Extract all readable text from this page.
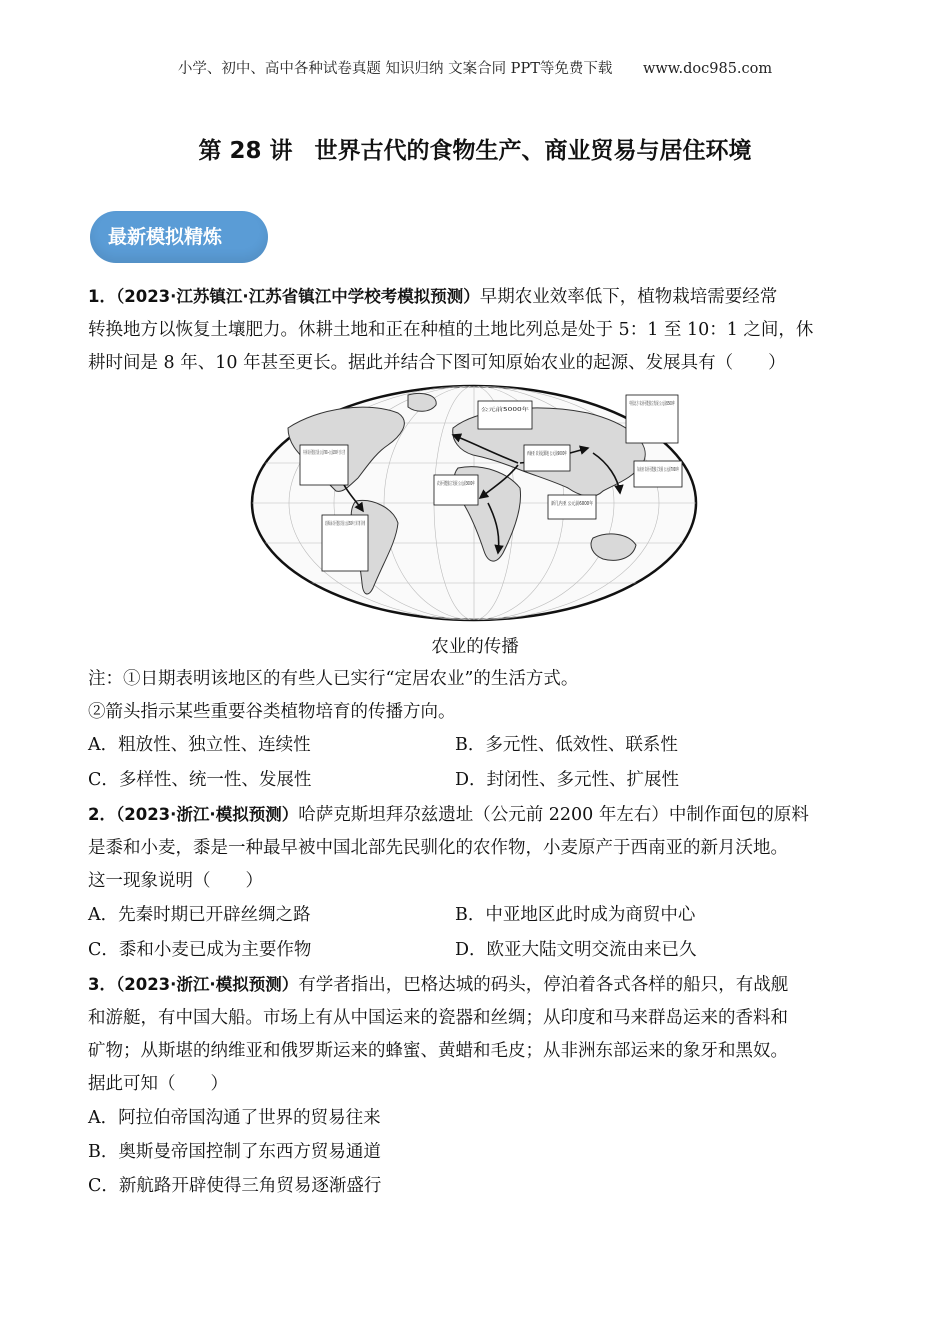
小学、初中、高中各种试卷真题 知识归纳 文案合同 PPT等免费下载 www.doc985.com
第 28 讲 世界古代的食物生产、商业贸易与居住环境
最新模拟精炼
1．（2023·江苏镇江·江苏省镇江中学校考模拟预测）早期农业效率低下，植物栽培需要经常
转换地方以恢复土壤肥力。休耕土地和正在种植的土地比列总是处于 5：1 至 10：1 之间，休
耕时间是 8 年、10 年甚至更长。据此并结合下图可知原始农业的起源、发展具有（　　）
公元前5000年
农业可能独立发展 公元前3000年
西南亚 农业起源地 公元前9000年
新几内亚 公元前6000年
农业的传播
注：①日期表明该地区的有些人已实行“定居农业”的生活方式。
②箭头指示某些重要谷类植物培育的传播方向。
A．粗放性、独立性、连续性	B．多元性、低效性、联系性
C．多样性、统一性、发展性	D．封闭性、多元性、扩展性
2．（2023·浙江·模拟预测）哈萨克斯坦拜尕兹遗址（公元前 2200 年左右）中制作面包的原料
是黍和小麦，黍是一种最早被中国北部先民驯化的农作物，小麦原产于西南亚的新月沃地。
这一现象说明（　　）
A．先秦时期已开辟丝绸之路	B．中亚地区此时成为商贸中心
C．黍和小麦已成为主要作物	D．欧亚大陆文明交流由来已久
3．（2023·浙江·模拟预测）有学者指出，巴格达城的码头，停泊着各式各样的船只，有战舰
和游艇，有中国大船。市场上有从中国运来的瓷器和丝绸；从印度和马来群岛运来的香料和
矿物；从斯堪的纳维亚和俄罗斯运来的蜂蜜、黄蜡和毛皮；从非洲东部运来的象牙和黑奴。
据此可知（　　）
A．阿拉伯帝国沟通了世界的贸易往来
B．奥斯曼帝国控制了东西方贸易通道
C．新航路开辟使得三角贸易逐渐盛行
